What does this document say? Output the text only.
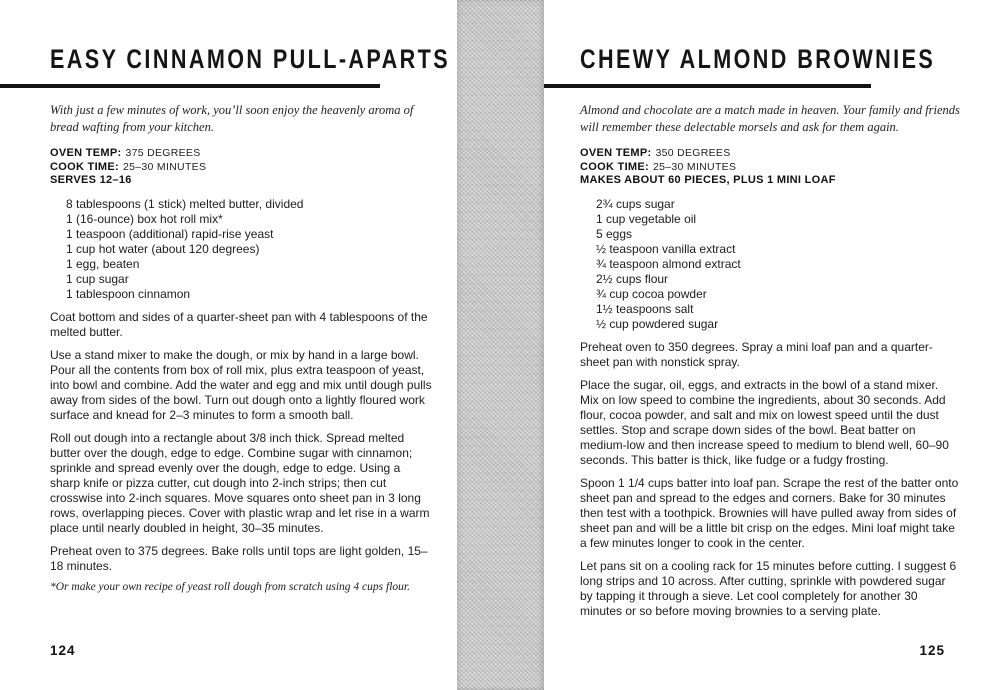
EASY CINNAMON PULL-APARTS

With just a few minutes of work, you’ll soon enjoy the heavenly aroma of bread wafting from your kitchen.

OVEN TEMP: 375 DEGREES
COOK TIME: 25–30 MINUTES
SERVES 12–16
8 tablespoons (1 stick) melted butter, divided
1 (16-ounce) box hot roll mix*
1 teaspoon (additional) rapid-rise yeast
1 cup hot water (about 120 degrees)
1 egg, beaten
1 cup sugar
1 tablespoon cinnamon

Coat bottom and sides of a quarter-sheet pan with 4 tablespoons of the melted butter.

Use a stand mixer to make the dough, or mix by hand in a large bowl. Pour all the contents from box of roll mix, plus extra teaspoon of yeast, into bowl and combine. Add the water and egg and mix until dough pulls away from sides of the bowl. Turn out dough onto a lightly floured work surface and knead for 2–3 minutes to form a smooth ball.

Roll out dough into a rectangle about 3/8 inch thick. Spread melted butter over the dough, edge to edge. Combine sugar with cinnamon; sprinkle and spread evenly over the dough, edge to edge. Using a sharp knife or pizza cutter, cut dough into 2-inch strips; then cut crosswise into 2-inch squares. Move squares onto sheet pan in 3 long rows, overlapping pieces. Cover with plastic wrap and let rise in a warm place until nearly doubled in height, 30–35 minutes.

Preheat oven to 375 degrees. Bake rolls until tops are light golden, 15–18 minutes.

*Or make your own recipe of yeast roll dough from scratch using 4 cups flour.

124
CHEWY ALMOND BROWNIES

Almond and chocolate are a match made in heaven. Your family and friends will remember these delectable morsels and ask for them again.

OVEN TEMP: 350 DEGREES
COOK TIME: 25–30 MINUTES
MAKES ABOUT 60 PIECES, PLUS 1 MINI LOAF
2¾ cups sugar
1 cup vegetable oil
5 eggs
½ teaspoon vanilla extract
¾ teaspoon almond extract
2½ cups flour
¾ cup cocoa powder
1½ teaspoons salt
½ cup powdered sugar

Preheat oven to 350 degrees. Spray a mini loaf pan and a quarter-sheet pan with nonstick spray.

Place the sugar, oil, eggs, and extracts in the bowl of a stand mixer. Mix on low speed to combine the ingredients, about 30 seconds. Add flour, cocoa powder, and salt and mix on lowest speed until the dust settles. Stop and scrape down sides of the bowl. Beat batter on medium-low and then increase speed to medium to blend well, 60–90 seconds. This batter is thick, like fudge or a fudgy frosting.

Spoon 1 1/4 cups batter into loaf pan. Scrape the rest of the batter onto sheet pan and spread to the edges and corners. Bake for 30 minutes then test with a toothpick. Brownies will have pulled away from sides of sheet pan and will be a little bit crisp on the edges. Mini loaf might take a few minutes longer to cook in the center.

Let pans sit on a cooling rack for 15 minutes before cutting. I suggest 6 long strips and 10 across. After cutting, sprinkle with powdered sugar by tapping it through a sieve. Let cool completely for another 30 minutes or so before moving brownies to a serving plate.

125
